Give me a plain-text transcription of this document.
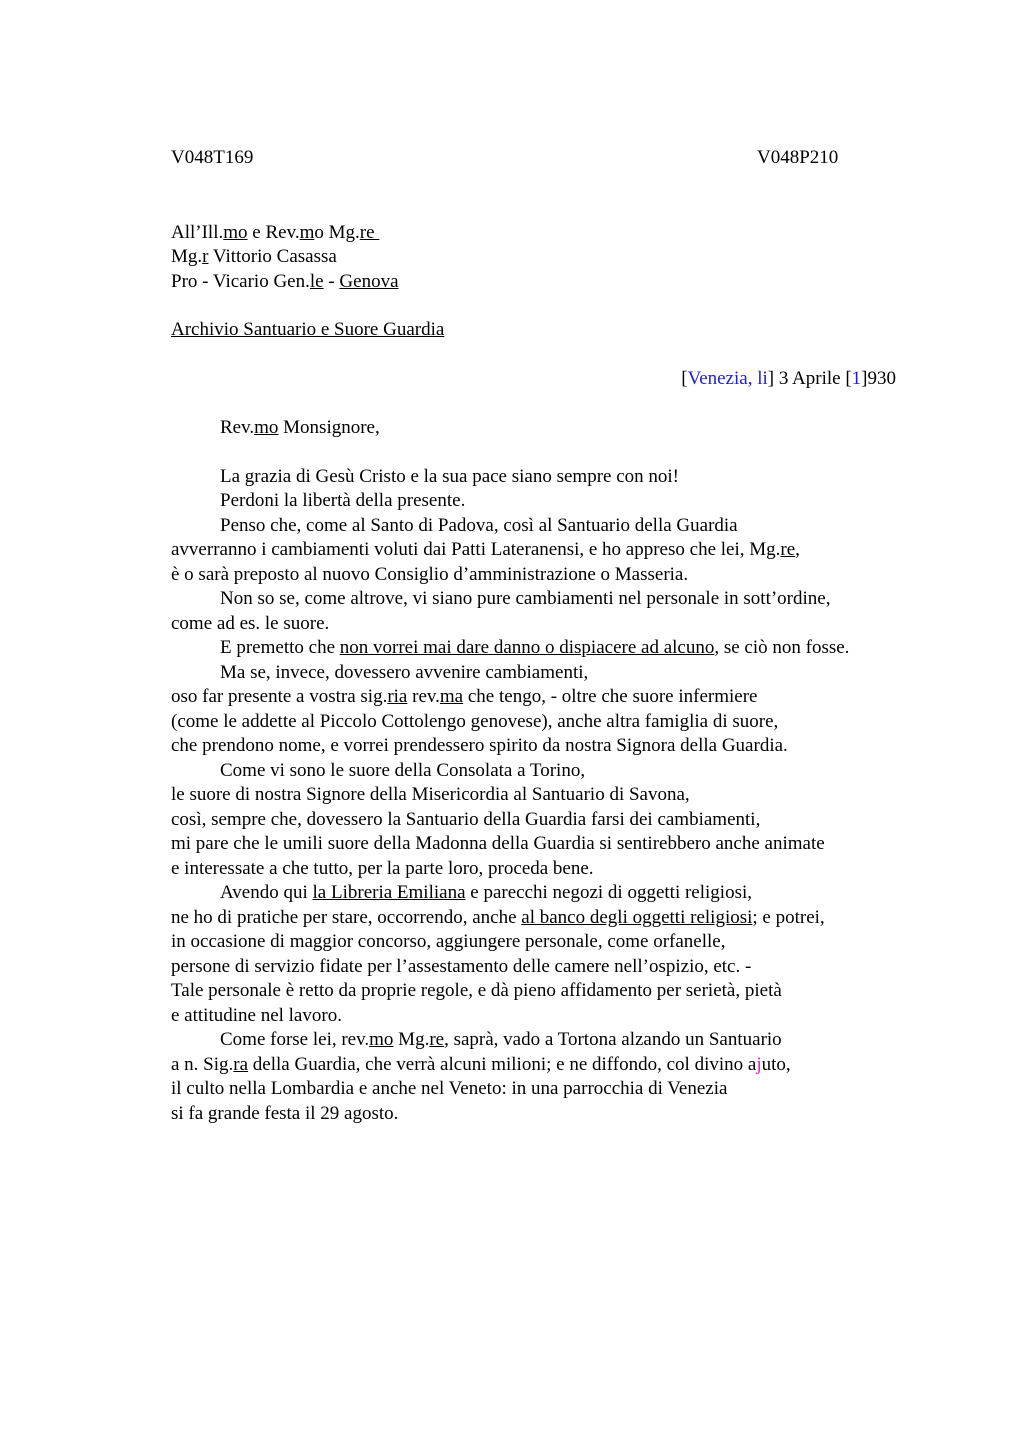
V048T169	V048P210
All’Ill.mo e Rev.mo Mg.re
Mg.r Vittorio Casassa
Pro - Vicario Gen.le - Genova
Archivio Santuario e Suore Guardia
[Venezia, li] 3 Aprile [1]930
Rev.mo Monsignore,
La grazia di Gesù Cristo e la sua pace siano sempre con noi!
Perdoni la libertà della presente.
Penso che, come al Santo di Padova, così al Santuario della Guardia
avverranno i cambiamenti voluti dai Patti Lateranensi, e ho appreso che lei, Mg.re,
è o sarà preposto al nuovo Consiglio d’amministrazione o Masseria.
Non so se, come altrove, vi siano pure cambiamenti nel personale in sott’ordine,
come ad es. le suore.
E premetto che non vorrei mai dare danno o dispiacere ad alcuno, se ciò non fosse.
Ma se, invece, dovessero avvenire cambiamenti,
oso far presente a vostra sig.ria rev.ma che tengo, - oltre che suore infermiere
(come le addette al Piccolo Cottolengo genovese), anche altra famiglia di suore,
che prendono nome, e vorrei prendessero spirito da nostra Signora della Guardia.
Come vi sono le suore della Consolata a Torino,
le suore di nostra Signore della Misericordia al Santuario di Savona,
così, sempre che, dovessero la Santuario della Guardia farsi dei cambiamenti,
mi pare che le umili suore della Madonna della Guardia si sentirebbero anche animate
e interessate a che tutto, per la parte loro, proceda bene.
Avendo qui la Libreria Emiliana e parecchi negozi di oggetti religiosi,
ne ho di pratiche per stare, occorrendo, anche al banco degli oggetti religiosi; e potrei,
in occasione di maggior concorso, aggiungere personale, come orfanelle,
persone di servizio fidate per l’assestamento delle camere nell’ospizio, etc. -
Tale personale è retto da proprie regole, e dà pieno affidamento per serietà, pietà
e attitudine nel lavoro.
Come forse lei, rev.mo Mg.re, saprà, vado a Tortona alzando un Santuario
a n. Sig.ra della Guardia, che verrà alcuni milioni; e ne diffondo, col divino ajuto,
il culto nella Lombardia e anche nel Veneto: in una parrocchia di Venezia
si fa grande festa il 29 agosto.
